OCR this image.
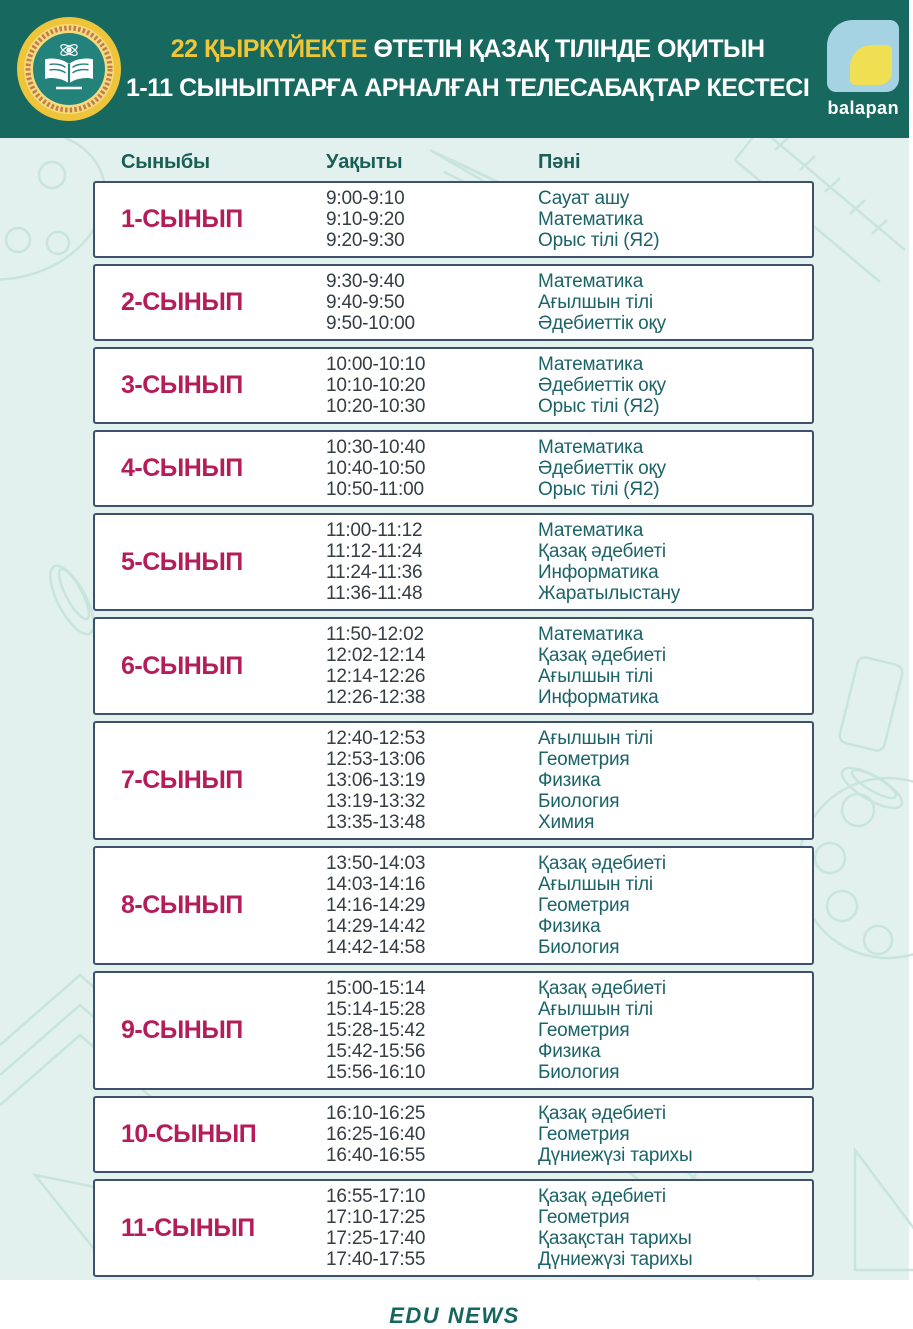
22 ҚЫРКҮЙЕКТЕ ӨТЕТІН ҚАЗАҚ ТІЛІНДЕ ОҚИТЫН
1-11 СЫНЫПТАРҒА АРНАЛҒАН ТЕЛЕСАБАҚТАР КЕСТЕСІ
balapan
Сыныбы	Уақыты	Пәні
1-СЫНЫП
9:00-9:10
9:10-9:20
9:20-9:30
Сауат ашу
Математика
Орыс тілі (Я2)
2-СЫНЫП
9:30-9:40
9:40-9:50
9:50-10:00
Математика
Ағылшын тілі
Әдебиеттік оқу
3-СЫНЫП
10:00-10:10
10:10-10:20
10:20-10:30
Математика
Әдебиеттік оқу
Орыс тілі (Я2)
4-СЫНЫП
10:30-10:40
10:40-10:50
10:50-11:00
Математика
Әдебиеттік оқу
Орыс тілі (Я2)
5-СЫНЫП
11:00-11:12
11:12-11:24
11:24-11:36
11:36-11:48
Математика
Қазақ әдебиеті
Информатика
Жаратылыстану
6-СЫНЫП
11:50-12:02
12:02-12:14
12:14-12:26
12:26-12:38
Математика
Қазақ әдебиеті
Ағылшын тілі
Информатика
7-СЫНЫП
12:40-12:53
12:53-13:06
13:06-13:19
13:19-13:32
13:35-13:48
Ағылшын тілі
Геометрия
Физика
Биология
Химия
8-СЫНЫП
13:50-14:03
14:03-14:16
14:16-14:29
14:29-14:42
14:42-14:58
Қазақ әдебиеті
Ағылшын тілі
Геометрия
Физика
Биология
9-СЫНЫП
15:00-15:14
15:14-15:28
15:28-15:42
15:42-15:56
15:56-16:10
Қазақ әдебиеті
Ағылшын тілі
Геометрия
Физика
Биология
10-СЫНЫП
16:10-16:25
16:25-16:40
16:40-16:55
Қазақ әдебиеті
Геометрия
Дүниежүзі тарихы
11-СЫНЫП
16:55-17:10
17:10-17:25
17:25-17:40
17:40-17:55
Қазақ әдебиеті
Геометрия
Қазақстан тарихы
Дүниежүзі тарихы
EDU NEWS
